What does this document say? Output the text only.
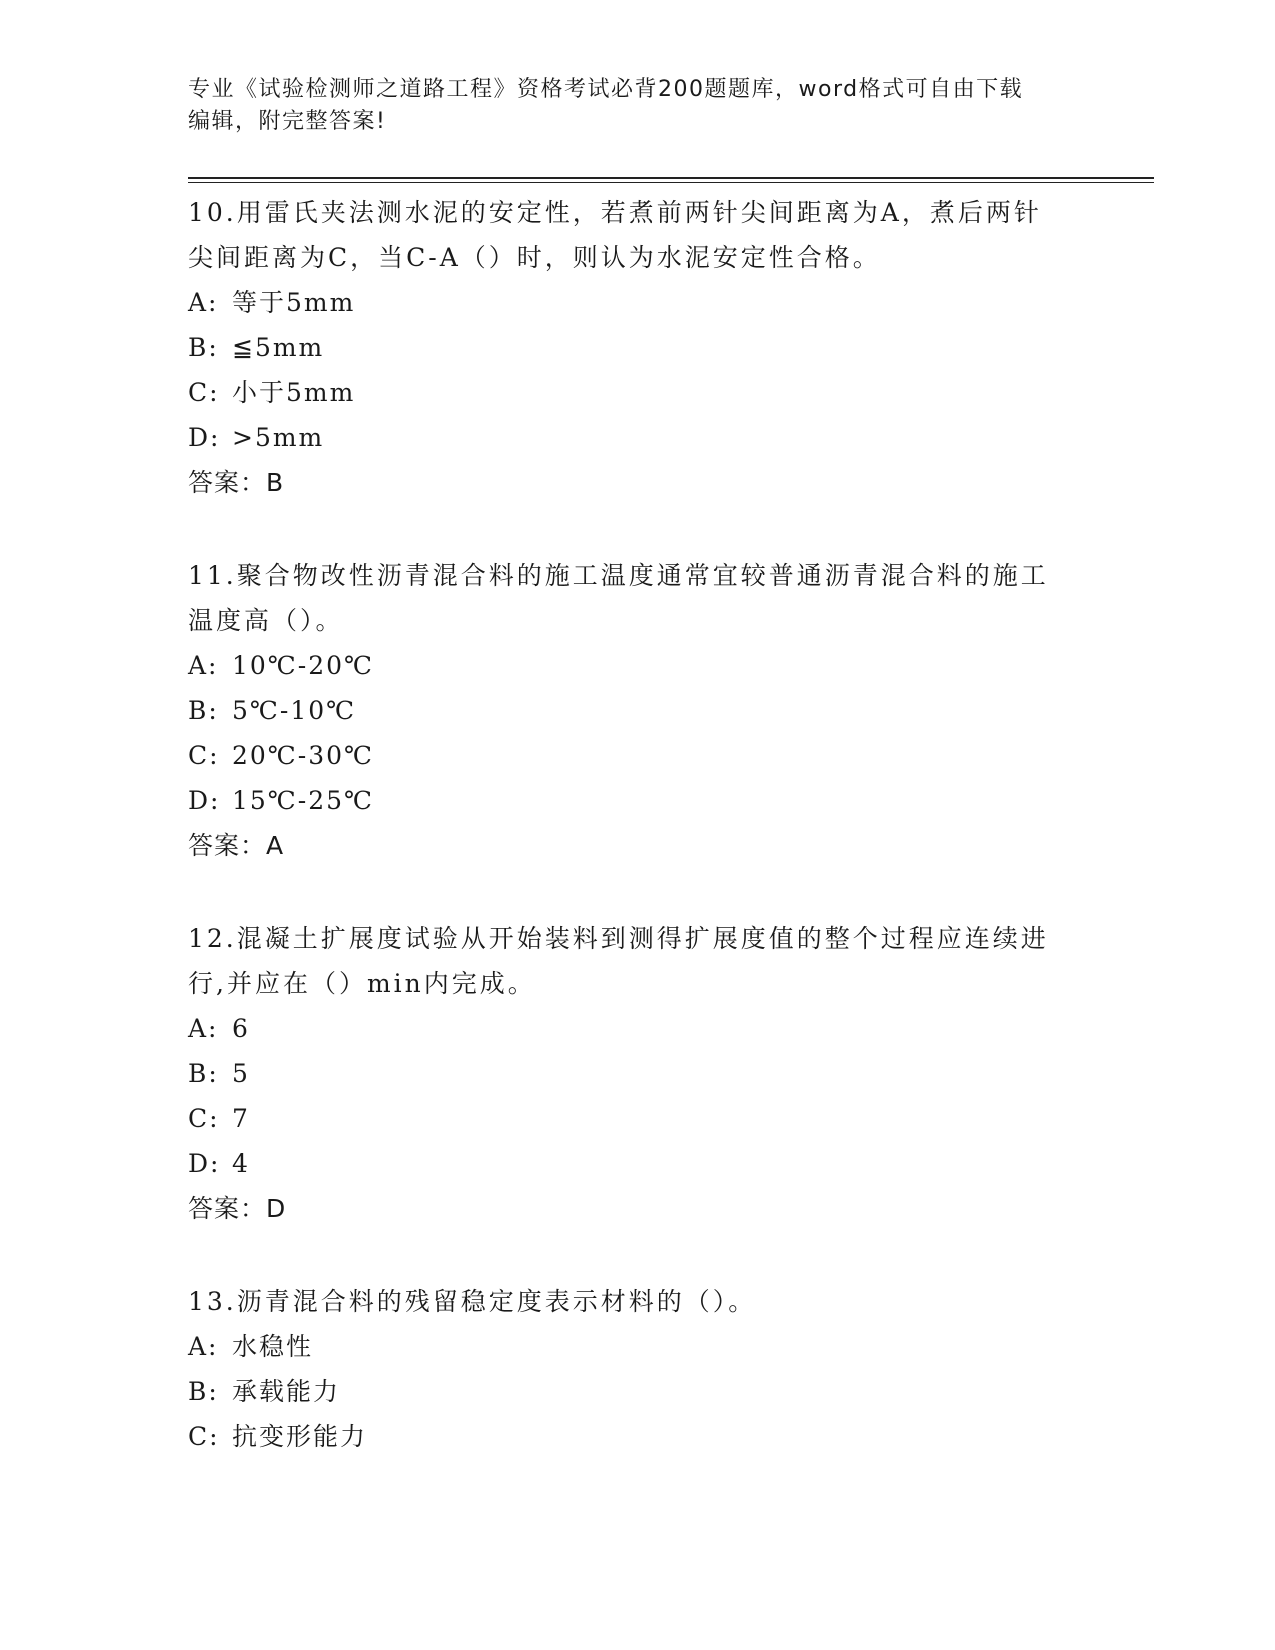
专业《试验检测师之道路工程》资格考试必背200题题库，word格式可自由下载
编辑，附完整答案!

10.用雷氏夹法测水泥的安定性，若煮前两针尖间距离为A，煮后两针
尖间距离为C，当C-A（）时，则认为水泥安定性合格。

A: 等于5mm

B: ≦5mm

C: 小于5mm

D: >5mm

答案：B

11.聚合物改性沥青混合料的施工温度通常宜较普通沥青混合料的施工
温度高（）。

A: 10℃-20℃

B: 5℃-10℃

C: 20℃-30℃

D: 15℃-25℃

答案：A

12.混凝土扩展度试验从开始装料到测得扩展度值的整个过程应连续进
行,并应在（）min内完成。

A: 6

B: 5

C: 7

D: 4

答案：D

13.沥青混合料的残留稳定度表示材料的（）。

A: 水稳性

B: 承载能力

C: 抗变形能力
